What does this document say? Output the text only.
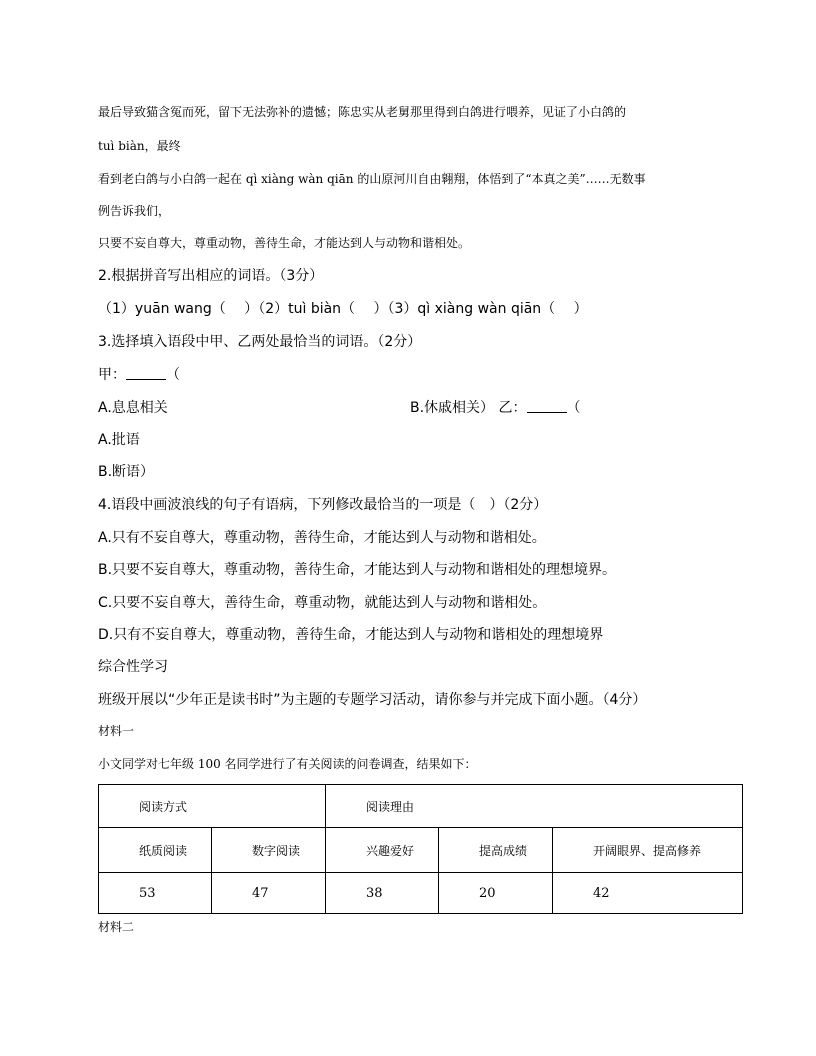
最后导致猫含冤而死，留下无法弥补的遗憾；陈忠实从老舅那里得到白鸽进行喂养，见证了小白鸽的
tuì biàn，最终
看到老白鸽与小白鸽一起在 qì xiàng wàn qiān 的山原河川自由翱翔，体悟到了“本真之美”……无数事
例告诉我们，
只要不妄自尊大，尊重动物，善待生命，才能达到人与动物和谐相处。
2.根据拼音写出相应的词语。（3分）
（1）yuān wang（　 ）（2）tuì biàn（　 ）（3）qì xiàng wàn qiān（　 ）
3.选择填入语段中甲、乙两处最恰当的词语。（2分）
甲：	（
A.息息相关	B.休戚相关） 乙：	（
A.批语
B.断语）
4.语段中画波浪线的句子有语病，下列修改最恰当的一项是（　）（2分）
A.只有不妄自尊大，尊重动物，善待生命，才能达到人与动物和谐相处。
B.只要不妄自尊大，尊重动物，善待生命，才能达到人与动物和谐相处的理想境界。
C.只要不妄自尊大，善待生命，尊重动物，就能达到人与动物和谐相处。
D.只有不妄自尊大，尊重动物，善待生命，才能达到人与动物和谐相处的理想境界
综合性学习
班级开展以“少年正是读书时”为主题的专题学习活动，请你参与并完成下面小题。（4分）
材料一
小文同学对七年级 100 名同学进行了有关阅读的问卷调查，结果如下：
阅读方式		阅读理由		
纸质阅读	数字阅读	兴趣爱好	提高成绩	开阔眼界、提高修养
53	47	38	20	42
材料二
